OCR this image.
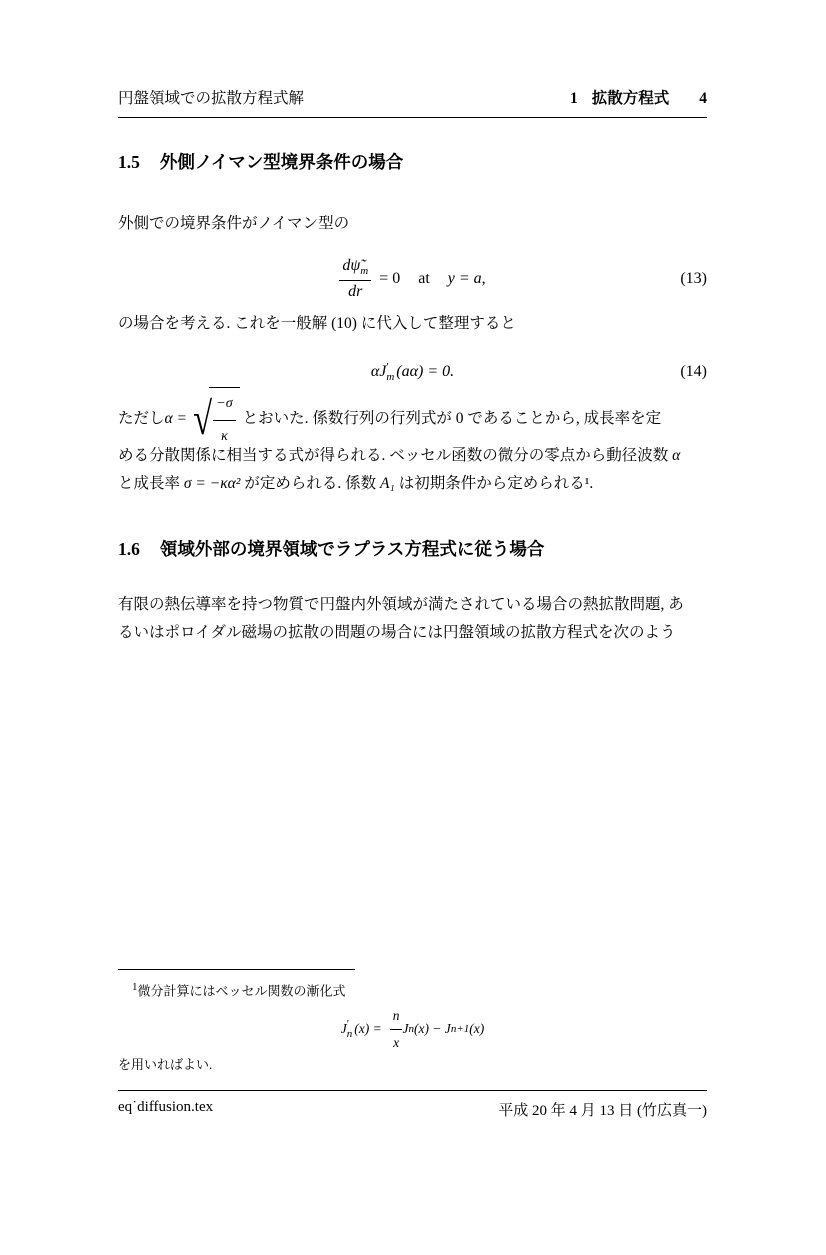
円盤領域での拡散方程式解	1 拡散方程式 4
1.5 外側ノイマン型境界条件の場合
外側での境界条件がノイマン型の
$\frac{d\psĩ_m}{dr} = 0$ at y = a,	(13)
の場合を考える. これを一般解 (10) に代入して整理すると
αJ ′
m (aα) = 0.	(14)
ただし α = √ $\frac{-\sigma}{\kappa}$ とおいた. 係数行列の行列式が 0 であることから, 成長率を定
める分散関係に相当する式が得られる. ベッセル函数の微分の零点から動径波数 α
と成長率 σ = −κα² が定められる. 係数 A₁ は初期条件から定められる¹.
1.6 領域外部の境界領域でラプラス方程式に従う場合
有限の熱伝導率を持つ物質で円盤内外領域が満たされている場合の熱拡散問題, あ
るいはポロイダル磁場の拡散の問題の場合には円盤領域の拡散方程式を次のよう
$^1$微分計算にはベッセル関数の漸化式
J ′
n $(x) = \frac{n}{x}$ J n (x) − J n+1 (x)
を用いればよい.
eq˙diffusion.tex	平成 20 年 4 月 13 日 (竹広真一)
